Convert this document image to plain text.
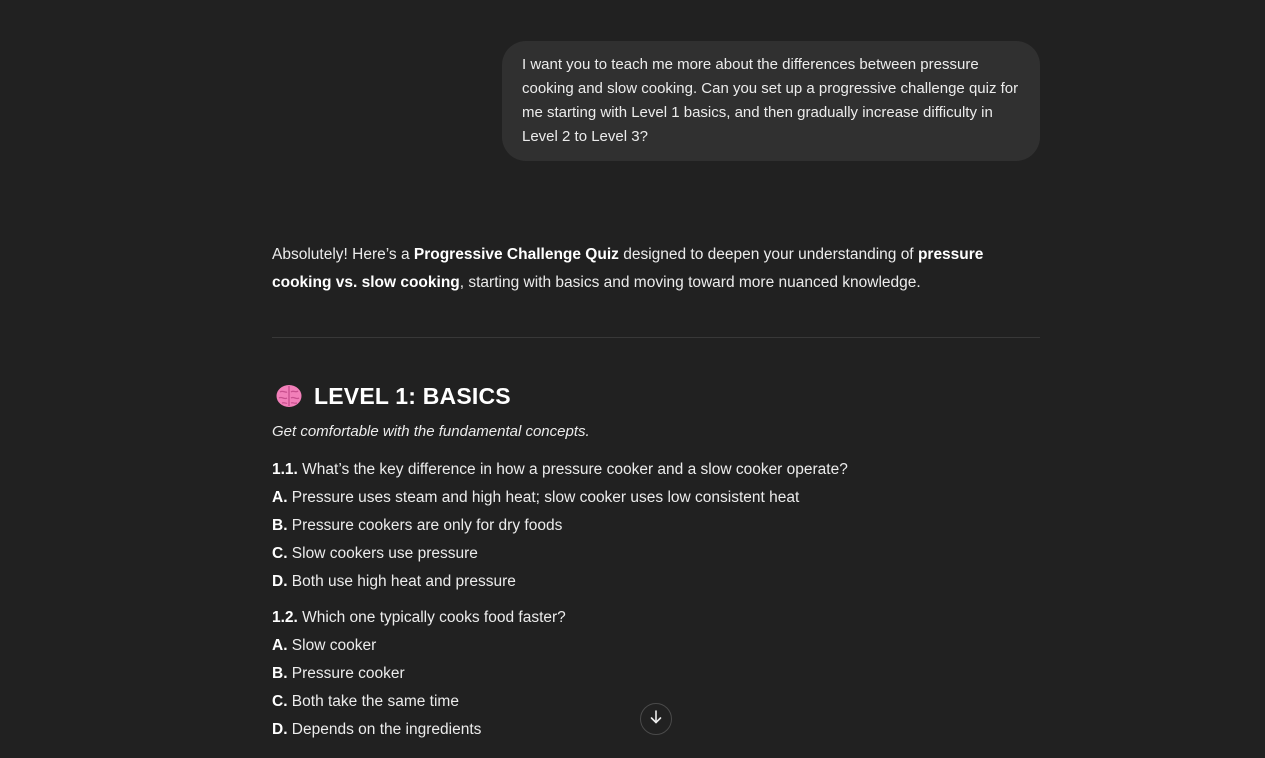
I want you to teach me more about the differences between pressure cooking and slow cooking. Can you set up a progressive challenge quiz for me starting with Level 1 basics, and then gradually increase difficulty in Level 2 to Level 3?

Absolutely! Here’s a Progressive Challenge Quiz designed to deepen your understanding of pressure cooking vs. slow cooking, starting with basics and moving toward more nuanced knowledge.

LEVEL 1: BASICS
Get comfortable with the fundamental concepts.
1.1. What’s the key difference in how a pressure cooker and a slow cooker operate?
A. Pressure uses steam and high heat; slow cooker uses low consistent heat
B. Pressure cookers are only for dry foods
C. Slow cookers use pressure
D. Both use high heat and pressure
1.2. Which one typically cooks food faster?
A. Slow cooker
B. Pressure cooker
C. Both take the same time
D. Depends on the ingredients
